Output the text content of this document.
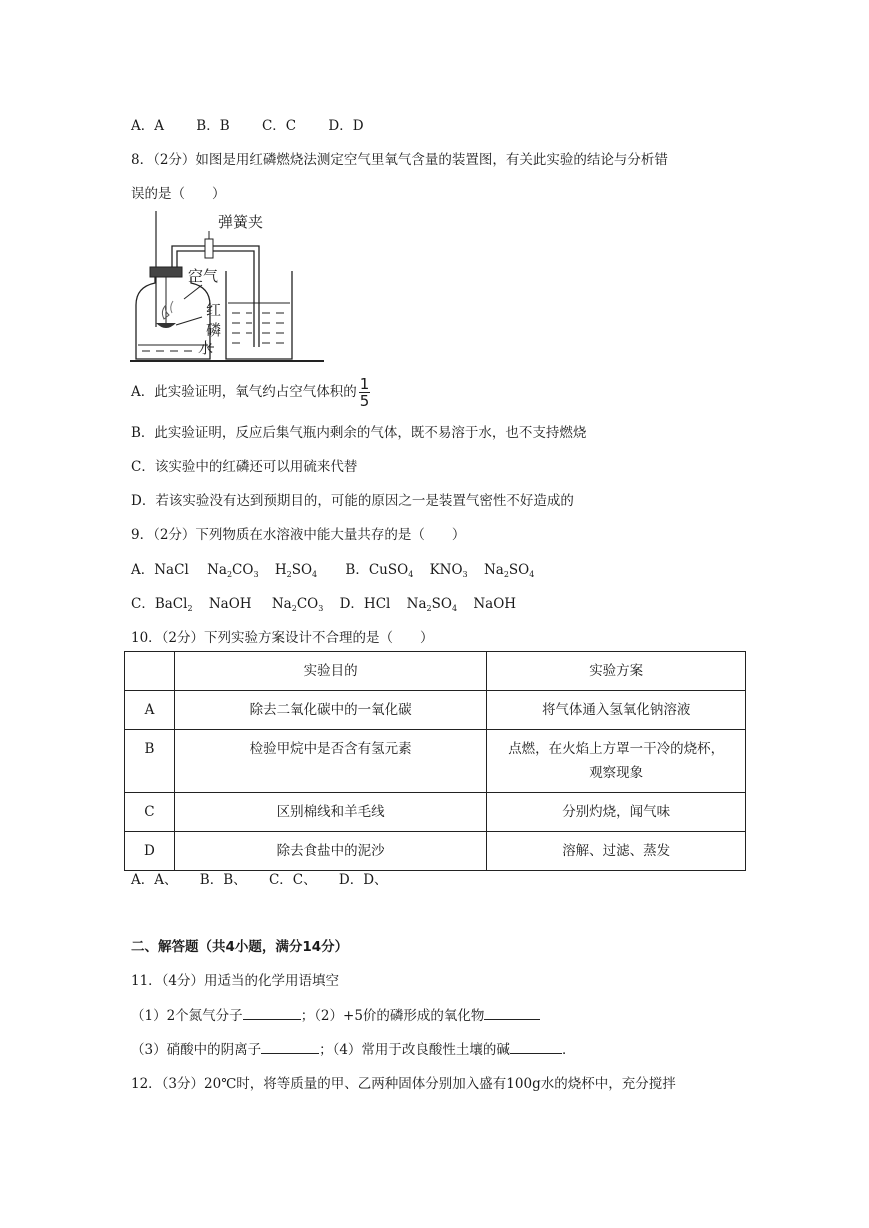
A．A B．B C．C D．D
8．（2分）如图是用红磷燃烧法测定空气里氧气含量的装置图，有关此实验的结论与分析错
误的是（　　）
弹簧夹
空气
红
磷
水
A．此实验证明，氧气约占空气体积的 $\frac{1}{5}$
B．此实验证明，反应后集气瓶内剩余的气体，既不易溶于水，也不支持燃烧
C．该实验中的红磷还可以用硫来代替
D．若该实验没有达到预期目的，可能的原因之一是装置气密性不好造成的
9．（2分）下列物质在水溶液中能大量共存的是（　　）
A．NaCl $Na_2CO_3$ $H_2SO_4$ B．CuSO$_4$ $KNO_3$ $Na_2SO_4$
C．BaCl$_2$ NaOH $Na_2CO_3$ D．HCl $Na_2SO_4$ NaOH
10．（2分）下列实验方案设计不合理的是（　　）
	实验目的	实验方案
A	除去二氧化碳中的一氧化碳	将气体通入氢氧化钠溶液
B	检验甲烷中是否含有氢元素	点燃，在火焰上方罩一干冷的烧杯，
观察现象
C	区别棉线和羊毛线	分别灼烧，闻气味
D	除去食盐中的泥沙	溶解、过滤、蒸发
A．A、 B．B、 C．C、 D．D、
二、解答题（共4小题，满分14分）
11．（4分）用适当的化学用语填空
（1）2个氮气分子	；（2）+5价的磷形成的氧化物
（3）硝酸中的阴离子	；（4）常用于改良酸性土壤的碱	．
12．（3分）20℃时，将等质量的甲、乙两种固体分别加入盛有100g水的烧杯中，充分搅拌
